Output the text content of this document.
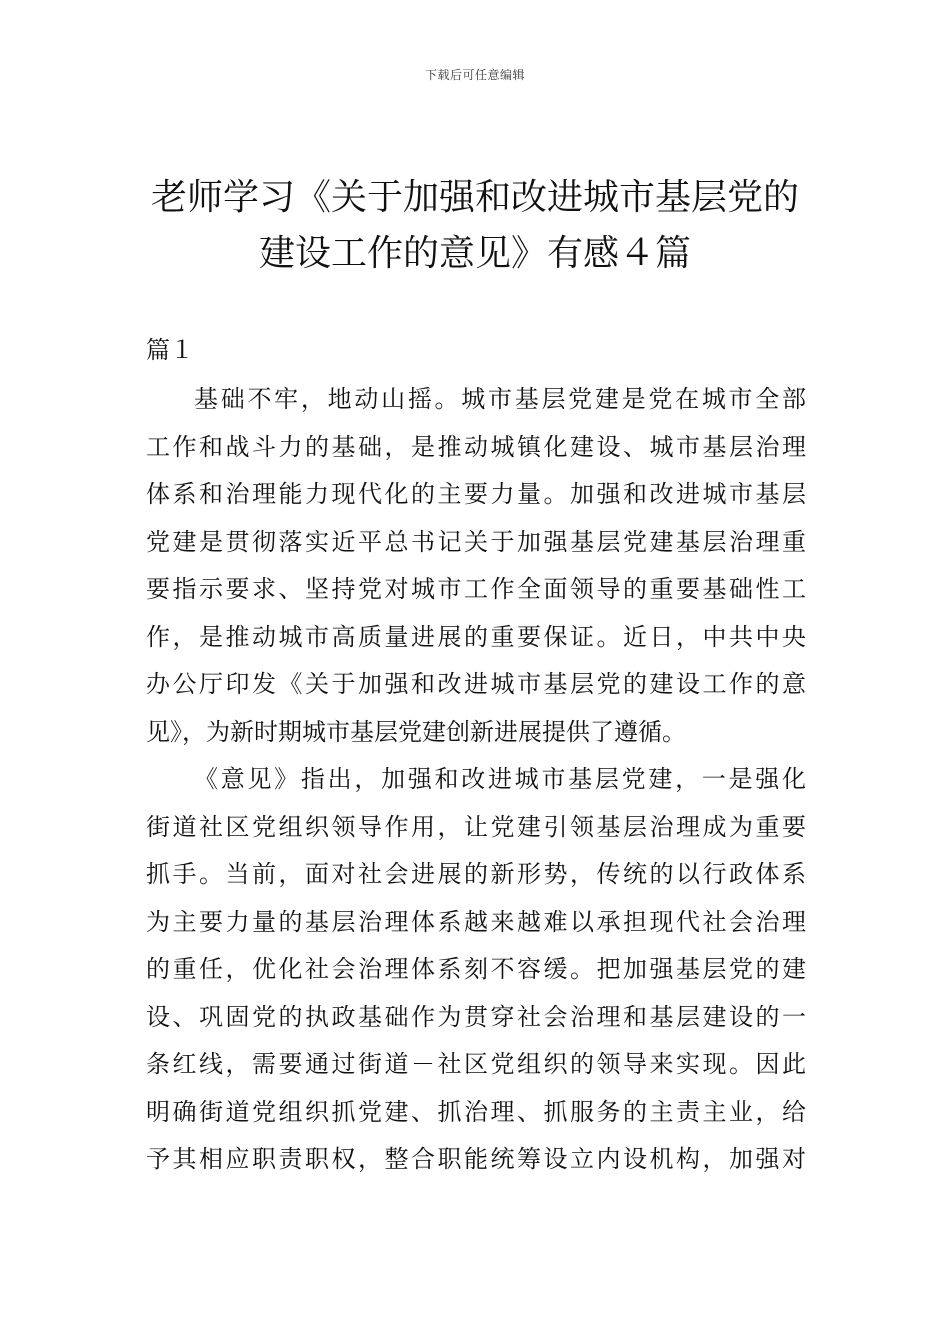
下载后可任意编辑
老师学习《关于加强和改进城市基层党的
建设工作的意见》有感４篇
篇１
基础不牢，地动山摇。城市基层党建是党在城市全部
工作和战斗力的基础，是推动城镇化建设、城市基层治理
体系和治理能力现代化的主要力量。加强和改进城市基层
党建是贯彻落实近平总书记关于加强基层党建基层治理重
要指示要求、坚持党对城市工作全面领导的重要基础性工
作，是推动城市高质量进展的重要保证。近日，中共中央
办公厅印发《关于加强和改进城市基层党的建设工作的意
见》，为新时期城市基层党建创新进展提供了遵循。
《意见》指出，加强和改进城市基层党建，一是强化
街道社区党组织领导作用，让党建引领基层治理成为重要
抓手。当前，面对社会进展的新形势，传统的以行政体系
为主要力量的基层治理体系越来越难以承担现代社会治理
的重任，优化社会治理体系刻不容缓。把加强基层党的建
设、巩固党的执政基础作为贯穿社会治理和基层建设的一
条红线，需要通过街道－社区党组织的领导来实现。因此
明确街道党组织抓党建、抓治理、抓服务的主责主业，给
予其相应职责职权，整合职能统筹设立内设机构，加强对
